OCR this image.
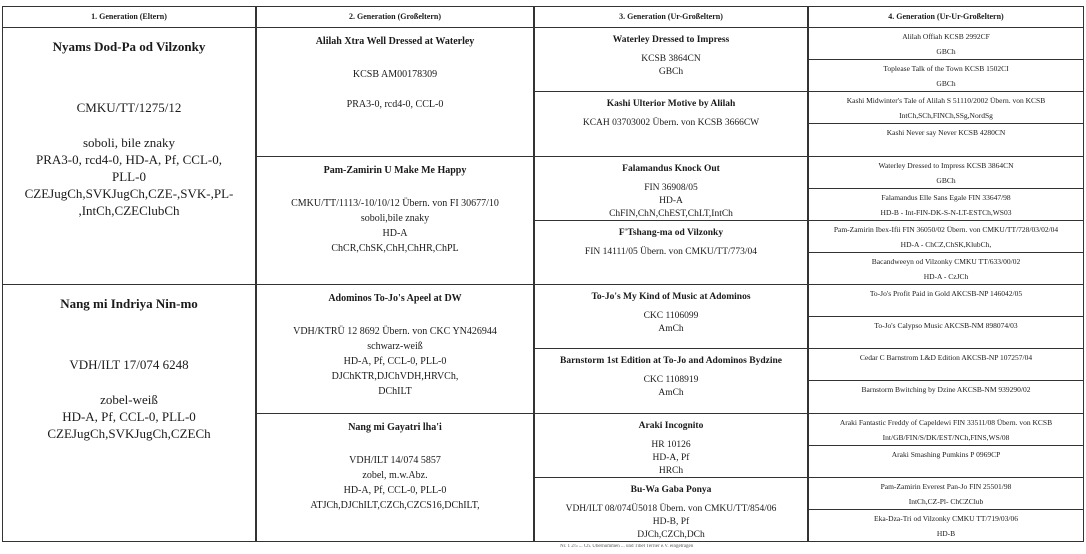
1. Generation (Eltern)
Nyams Dod-Pa od Vilzonky
CMKU/TT/1275/12
soboli, bile znaky
PRA3-0, rcd4-0, HD-A, Pf, CCL-0,
PLL-0
CZEJugCh,SVKJugCh,CZE-,SVK-,PL-
,IntCh,CZEClubCh
Nang mi Indriya Nin-mo
VDH/ILT 17/074 6248
zobel-weiß
HD-A, Pf, CCL-0, PLL-0
CZEJugCh,SVKJugCh,CZECh
2. Generation (Großeltern)
Alilah Xtra Well Dressed at Waterley
KCSB AM00178309

PRA3-0, rcd4-0, CCL-0
Pam-Zamirin U Make Me Happy
CMKU/TT/1113/-10/10/12 Übern. von FI 30677/10
soboli,bile znaky
HD-A
ChCR,ChSK,ChH,ChHR,ChPL
Adominos To-Jo's Apeel at DW
VDH/KTRÜ 12 8692 Übern. von CKC YN426944
schwarz-weiß
HD-A, Pf, CCL-0, PLL-0
DJChKTR,DJChVDH,HRVCh,
DChILT
Nang mi Gayatri lha'i
VDH/ILT 14/074 5857
zobel, m.w.Abz.
HD-A, Pf, CCL-0, PLL-0
ATJCh,DJChILT,CZCh,CZCS16,DChILT,
3. Generation (Ur-Großeltern)
Waterley Dressed to Impress
KCSB 3864CN
GBCh
Kashi Ulterior Motive by Alilah
KCAH 03703002 Übern. von KCSB 3666CW
Falamandus Knock Out
FIN 36908/05
HD-A
ChFIN,ChN,ChEST,ChLT,IntCh
F'Tshang-ma od Vilzonky
FIN 14111/05 Übern. von CMKU/TT/773/04
To-Jo's My Kind of Music at Adominos
CKC 1106099
AmCh
Barnstorm 1st Edition at To-Jo and Adominos Bydzine
CKC 1108919
AmCh
Araki Incognito
HR 10126
HD-A, Pf
HRCh
Bu-Wa Gaba Ponya
VDH/ILT 08/074Ü5018 Übern. von CMKU/TT/854/06
HD-B, Pf
DJCh,CZCh,DCh
4. Generation (Ur-Ur-Großeltern)
Alilah Offiah KCSB 2992CF
GBCh
Toplease Talk of the Town KCSB 1502CI
GBCh
Kashi Midwinter's Tale of Alilah S 51110/2002 Übern. von KCSB
IntCh,SCh,FINCh,SSg,NordSg
Kashi Never say Never KCSB 4280CN
Waterley Dressed to Impress KCSB 3864CN
GBCh
Falamandus Elle Sans Egale FIN 33647/98
HD-B - Int-FIN-DK-S-N-LT-ESTCh,WS03
Pam-Zamirin Ibex-Ifii FIN 36050/02 Übern. von CMKU/TT/728/03/02/04
HD-A - ChCZ,ChSK,KlubCh,
Bacandweeyn od Vilzonky CMKU TT/633/00/02
HD-A - CzJCh
To-Jo's Profit Paid in Gold AKCSB-NP 146042/05
To-Jo's Calypso Music AKCSB-NM 898074/03
Cedar C Barnstrom L&D Edition AKCSB-NP 107257/04
Barnstorm Bwitching by Dzine AKCSB-NM 939290/02
Araki Fantastic Freddy of Capeldewi FIN 33511/08 Übern. von KCSB
Int/GB/FIN/S/DK/EST/NCh,FINS,WS/08
Araki Smashing Pumkins P 0969CP
Pam-Zamirin Everest Pan-Jo FIN 25501/98
IntCh,CZ-Pl- ChCZClub
Eka-Dza-Tri od Vilzonky CMKU TT/719/03/06
HD-B
Nr. 1 2/5 ... Ch. Übernommen ... und Tibet Terrier e.V. eingetragen
